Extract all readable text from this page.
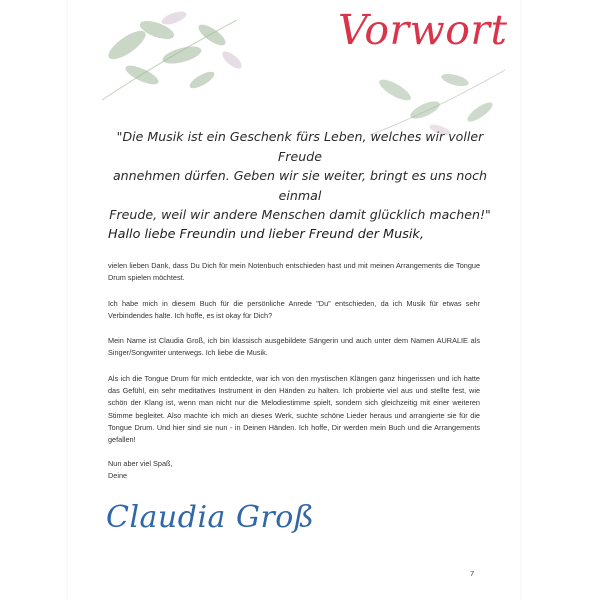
Vorwort
"Die Musik ist ein Geschenk fürs Leben, welches wir voller Freude
annehmen dürfen. Geben wir sie weiter, bringt es uns noch einmal
Freude, weil wir andere Menschen damit glücklich machen!"
Hallo liebe Freundin und lieber Freund der Musik,

vielen lieben Dank, dass Du Dich für mein Notenbuch entschieden hast und mit meinen Arrangements die Tongue Drum spielen möchtest.

Ich habe mich in diesem Buch für die persönliche Anrede "Du" entschieden, da ich Musik für etwas sehr Verbindendes halte. Ich hoffe, es ist okay für Dich?

Mein Name ist Claudia Groß, ich bin klassisch ausgebildete Sängerin und auch unter dem Namen AURALIE als Singer/Songwriter unterwegs. Ich liebe die Musik.

Als ich die Tongue Drum für mich entdeckte, war ich von den mystischen Klängen ganz hingerissen und ich hatte das Gefühl, ein sehr meditatives Instrument in den Händen zu halten. Ich probierte viel aus und stellte fest, wie schön der Klang ist, wenn man nicht nur die Melodiestimme spielt, sondern sich gleichzeitig mit einer weiteren Stimme begleitet. Also machte ich mich an dieses Werk, suchte schöne Lieder heraus und arrangierte sie für die Tongue Drum. Und hier sind sie nun - in Deinen Händen. Ich hoffe, Dir werden mein Buch und die Arrangements gefallen!

Nun aber viel Spaß,
Deine
Claudia Groß
7
